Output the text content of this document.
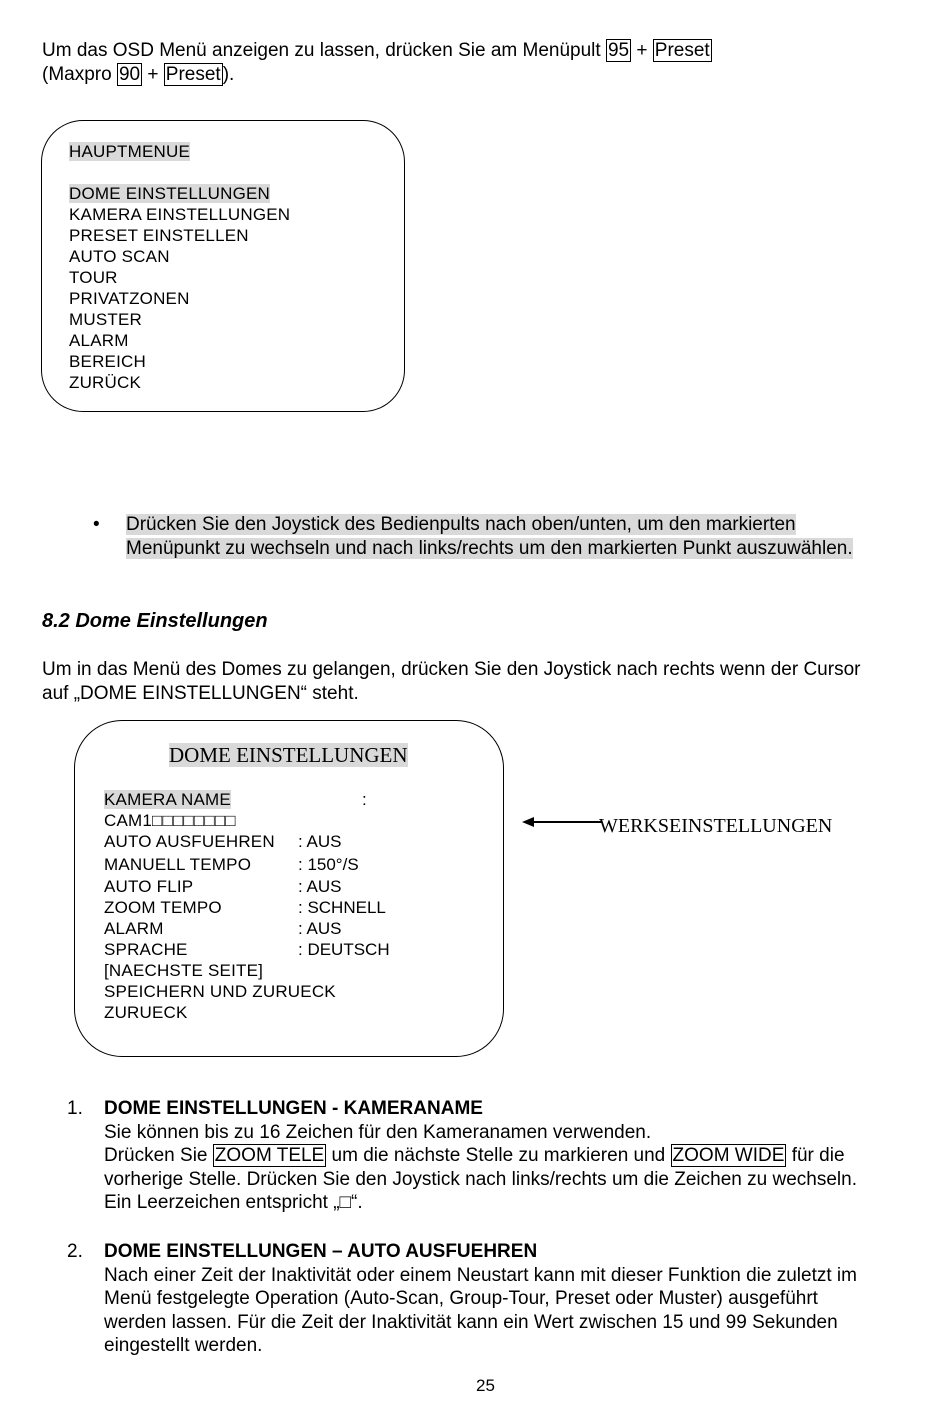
Um das OSD Menü anzeigen zu lassen, drücken Sie am Menüpult 95 + Preset
(Maxpro 90 + Preset ).
HAUPTMENUE
DOME EINSTELLUNGEN
KAMERA EINSTELLUNGEN
PRESET EINSTELLEN
AUTO SCAN
TOUR
PRIVATZONEN
MUSTER
ALARM
BEREICH
ZURÜCK
• Drücken Sie den Joystick des Bedienpults nach oben/unten, um den markierten
Menüpunkt zu wechseln und nach links/rechts um den markierten Punkt auszuwählen.
8.2 Dome Einstellungen
Um in das Menü des Domes zu gelangen, drücken Sie den Joystick nach rechts wenn der Cursor
auf „DOME EINSTELLUNGEN“ steht.
DOME EINSTELLUNGEN
KAMERA NAME	:
CAM1□□□□□□□□
AUTO AUSFUEHREN : AUS
MANUELL TEMPO	: 150°/S
AUTO FLIP	: AUS
ZOOM TEMPO	: SCHNELL
ALARM	: AUS
SPRACHE	: DEUTSCH
[NAECHSTE SEITE]
SPEICHERN UND ZURUECK
ZURUECK
WERKSEINSTELLUNGEN
1. DOME EINSTELLUNGEN - KAMERANAME
Sie können bis zu 16 Zeichen für den Kameranamen verwenden.
Drücken Sie ZOOM TELE um die nächste Stelle zu markieren und ZOOM WIDE für die
vorherige Stelle. Drücken Sie den Joystick nach links/rechts um die Zeichen zu wechseln.
Ein Leerzeichen entspricht „□“.
2. DOME EINSTELLUNGEN – AUTO AUSFUEHREN
Nach einer Zeit der Inaktivität oder einem Neustart kann mit dieser Funktion die zuletzt im
Menü festgelegte Operation (Auto-Scan, Group-Tour, Preset oder Muster) ausgeführt
werden lassen. Für die Zeit der Inaktivität kann ein Wert zwischen 15 und 99 Sekunden
eingestellt werden.
25
